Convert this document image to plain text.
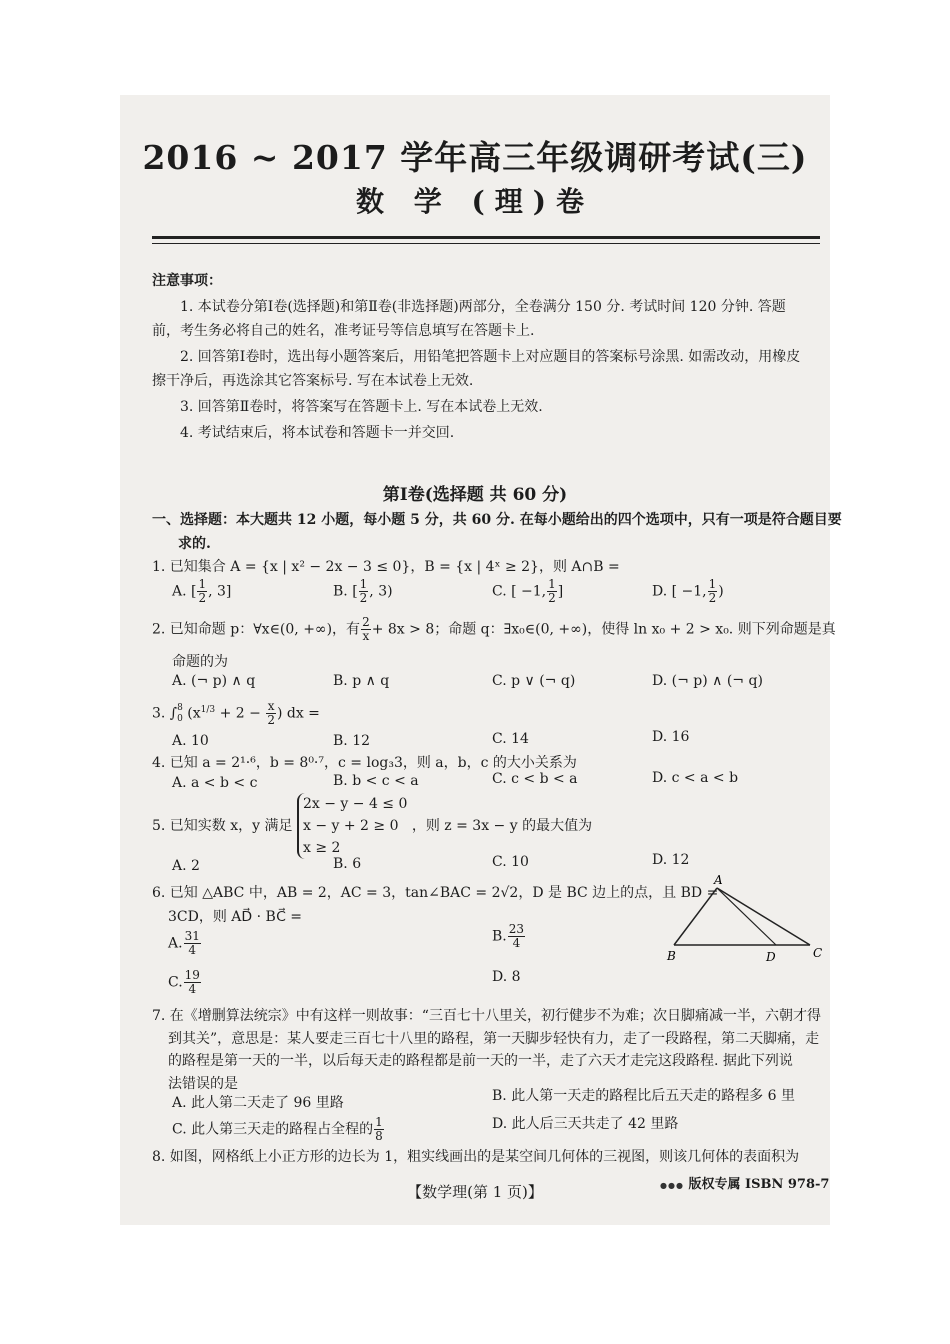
2016 ~ 2017 学年高三年级调研考试(三)
数 学 (理)卷
注意事项：
1. 本试卷分第Ⅰ卷(选择题)和第Ⅱ卷(非选择题)两部分，全卷满分 150 分. 考试时间 120 分钟. 答题
前，考生务必将自己的姓名，准考证号等信息填写在答题卡上.
2. 回答第Ⅰ卷时，选出每小题答案后，用铅笔把答题卡上对应题目的答案标号涂黑. 如需改动，用橡皮
擦干净后，再选涂其它答案标号. 写在本试卷上无效.
3. 回答第Ⅱ卷时，将答案写在答题卡上. 写在本试卷上无效.
4. 考试结束后，将本试卷和答题卡一并交回.
第Ⅰ卷(选择题 共 60 分)
一、选择题：本大题共 12 小题，每小题 5 分，共 60 分. 在每小题给出的四个选项中，只有一项是符合题目要
求的.
1. 已知集合 A = {x | x² − 2x − 3 ≤ 0}，B = {x | 4ˣ ≥ 2}，则 A∩B =
A. [ $\frac{1}{2}$ , 3]	B. [ $\frac{1}{2}$ , 3)	C. [ −1, $\frac{1}{2}$ ]	D. [ −1, $\frac{1}{2}$ )
2. 已知命题 p：∀x∈(0, +∞)，有 $\frac{2}{x} + 8x > 8$；命题 q：∃x₀∈(0, +∞)，使得 ln x₀ + 2 > x₀. 则下列命题是真
命题的为
A. (¬ p) ∧ q	B. p ∧ q	C. p ∨ (¬ q)	D. (¬ p) ∧ (¬ q)
3. ∫ 8
0 ($x^{1/3} + 2 - \frac{x}{2}$ ) dx =
A. 10	B. 12	C. 14	D. 16
4. 已知 a = 2¹·⁶，b = 8⁰·⁷，c = log₃3，则 a，b，c 的大小关系为
A. a < b < c	B. b < c < a	C. c < b < a	D. c < a < b
5. 已知实数 x，y 满足
2x − y − 4 ≤ 0
x − y + 2 ≥ 0
x ≥ 2
，则 z = 3x − y 的最大值为
A. 2	B. 6	C. 10	D. 12
6. 已知 △ABC 中，AB = 2，AC = 3，tan∠BAC = 2√2，D 是 BC 边上的点，且 BD =
3CD，则 AD⃗ · BC⃗ =
A. $\frac{31}{4}$	B. $\frac{23}{4}$
C. $\frac{19}{4}$	D. 8
A
B	C
D
7. 在《增删算法统宗》中有这样一则故事：“三百七十八里关，初行健步不为难；次日脚痛减一半，六朝才得
到其关”，意思是：某人要走三百七十八里的路程，第一天脚步轻快有力，走了一段路程，第二天脚痛，走
的路程是第一天的一半，以后每天走的路程都是前一天的一半，走了六天才走完这段路程. 据此下列说
法错误的是
A. 此人第二天走了 96 里路	B. 此人第一天走的路程比后五天走的路程多 6 里
C. 此人第三天走的路程占全程的 $\frac{1}{8}$	D. 此人后三天共走了 42 里路
8. 如图，网格纸上小正方形的边长为 1，粗实线画出的是某空间几何体的三视图，则该几何体的表面积为
【数学理(第 1 页)】	●●● 版权专属 ISBN 978-7
